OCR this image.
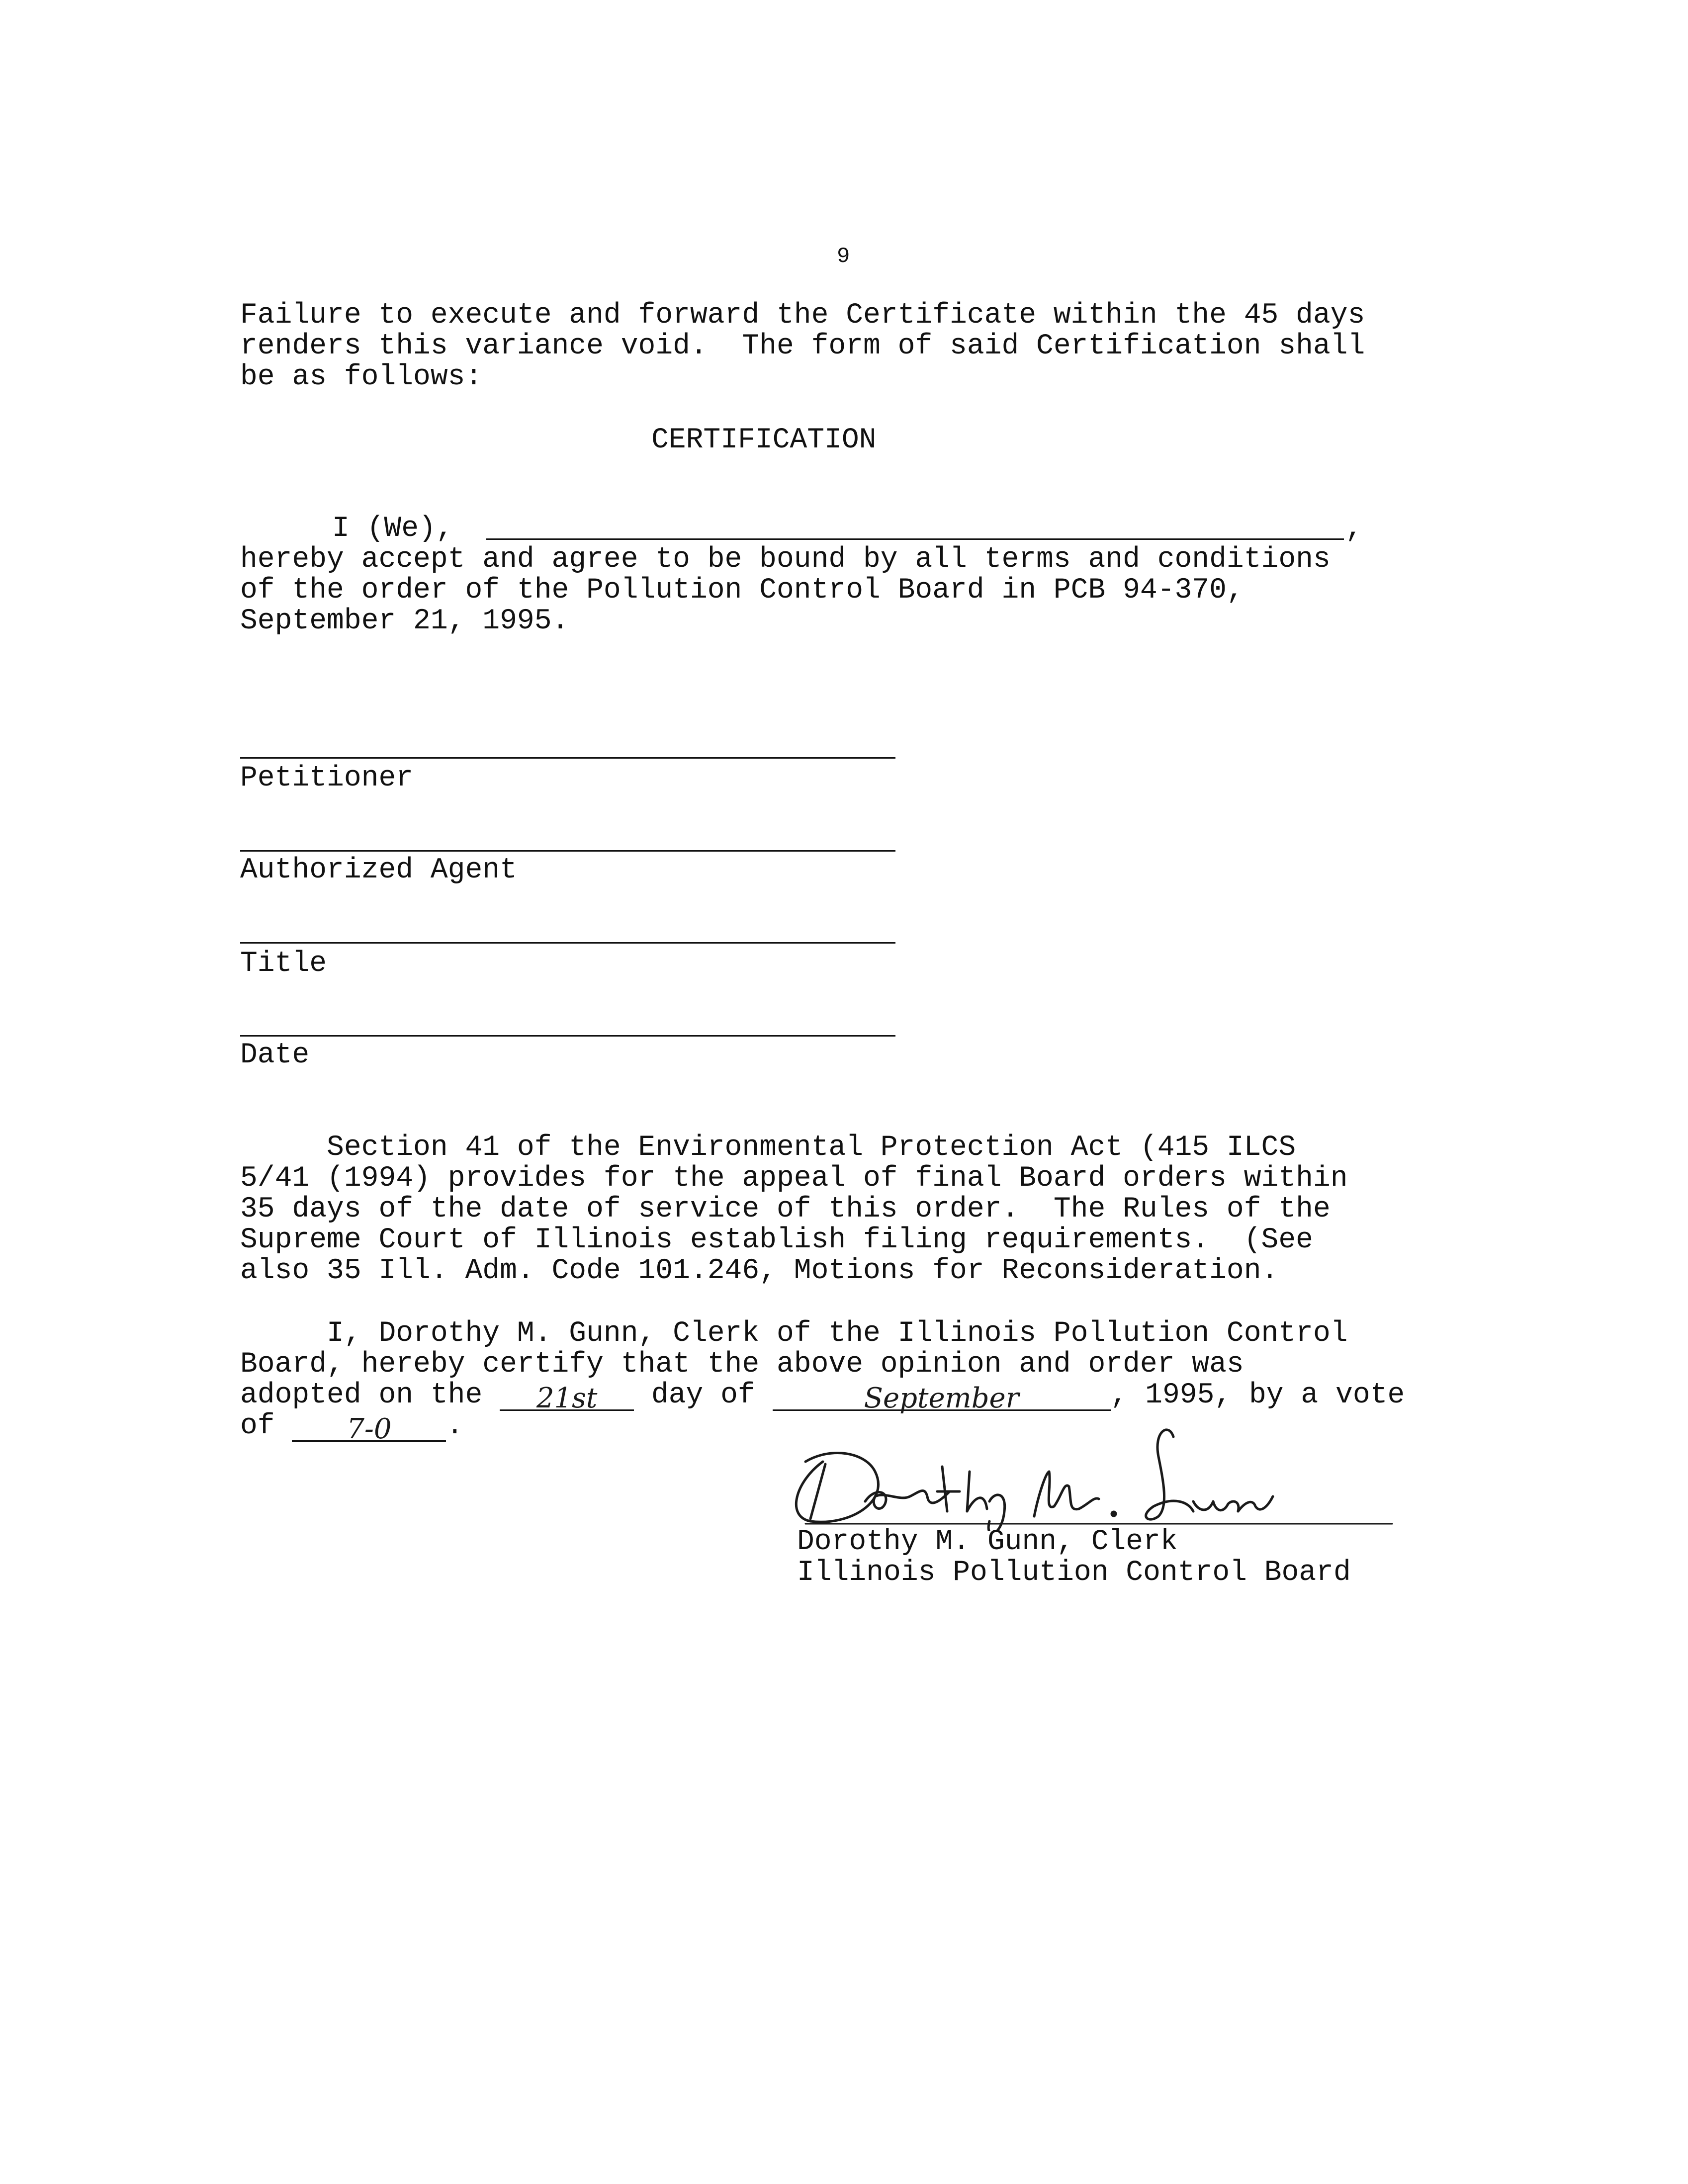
9
Failure to execute and forward the Certificate within the 45 days
renders this variance void.  The form of said Certification shall
be as follows:
CERTIFICATION
I (We),	,
hereby accept and agree to be bound by all terms and conditions
of the order of the Pollution Control Board in PCB 94-370,
September 21, 1995.
Petitioner
Authorized Agent
Title
Date
Section 41 of the Environmental Protection Act (415 ILCS
5/41 (1994) provides for the appeal of final Board orders within
35 days of the date of service of this order.  The Rules of the
Supreme Court of Illinois establish filing requirements.  (See
also 35 Ill. Adm. Code 101.246, Motions for Reconsideration.
I, Dorothy M. Gunn, Clerk of the Illinois Pollution Control
Board, hereby certify that the above opinion and order was
adopted on the 21st day of	September	, 1995, by a vote
of 7-0 .
Dorothy M. Gunn, Clerk
Illinois Pollution Control Board
